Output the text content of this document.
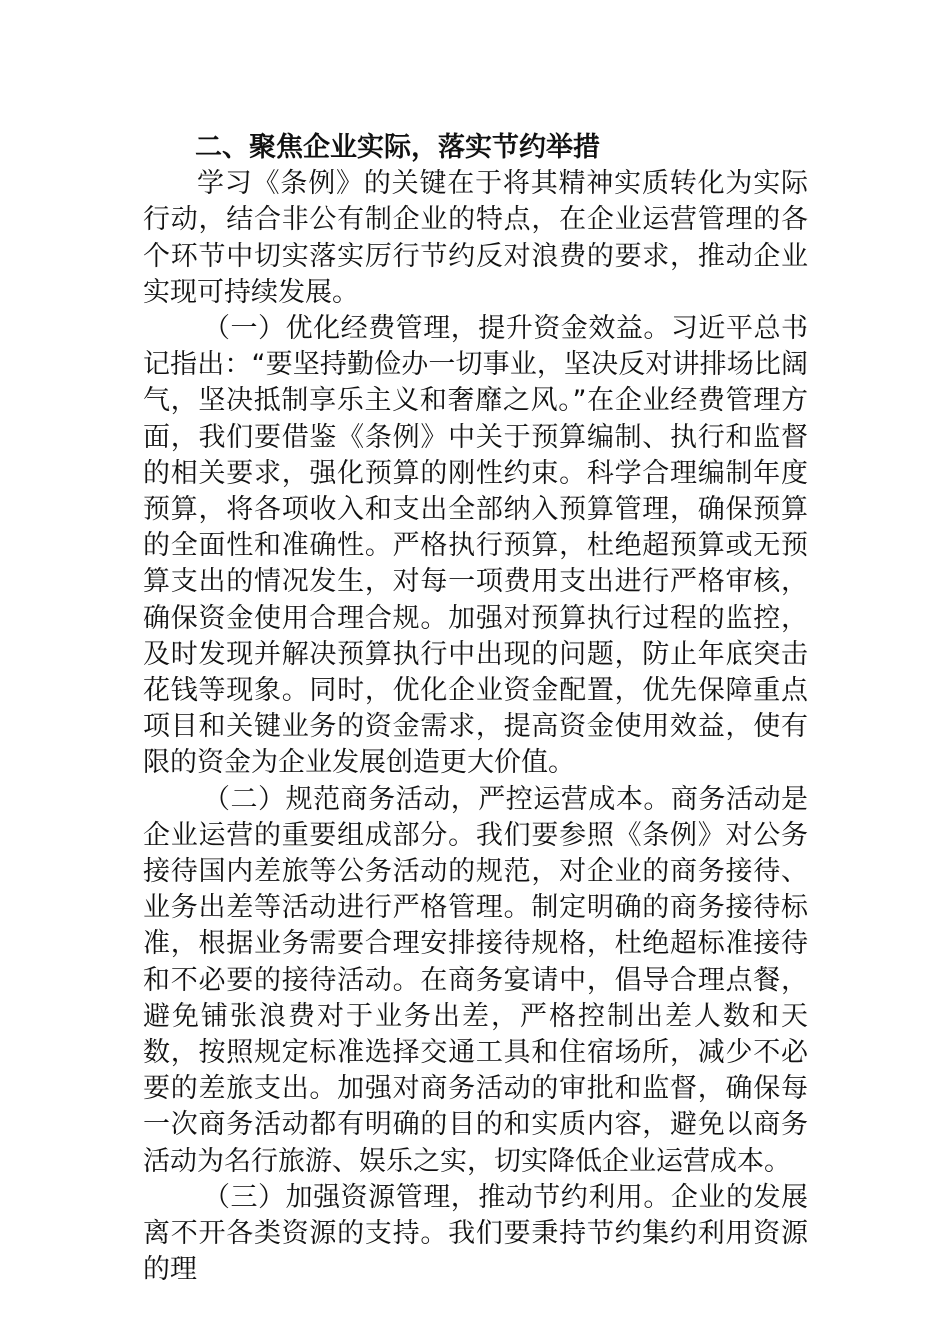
二、聚焦企业实际，落实节约举措

学习《条例》的关键在于将其精神实质转化为实际行动，结合非公有制企业的特点，在企业运营管理的各个环节中切实落实厉行节约反对浪费的要求，推动企业实现可持续发展。

（一）优化经费管理，提升资金效益。习近平总书记指出：“要坚持勤俭办一切事业，坚决反对讲排场比阔气，坚决抵制享乐主义和奢靡之风。”在企业经费管理方面，我们要借鉴《条例》中关于预算编制、执行和监督的相关要求，强化预算的刚性约束。科学合理编制年度预算，将各项收入和支出全部纳入预算管理，确保预算的全面性和准确性。严格执行预算，杜绝超预算或无预算支出的情况发生，对每一项费用支出进行严格审核，确保资金使用合理合规。加强对预算执行过程的监控，及时发现并解决预算执行中出现的问题，防止年底突击花钱等现象。同时，优化企业资金配置，优先保障重点项目和关键业务的资金需求，提高资金使用效益，使有限的资金为企业发展创造更大价值。

（二）规范商务活动，严控运营成本。商务活动是企业运营的重要组成部分。我们要参照《条例》对公务接待国内差旅等公务活动的规范，对企业的商务接待、业务出差等活动进行严格管理。制定明确的商务接待标准，根据业务需要合理安排接待规格，杜绝超标准接待和不必要的接待活动。在商务宴请中，倡导合理点餐，避免铺张浪费对于业务出差，严格控制出差人数和天数，按照规定标准选择交通工具和住宿场所，减少不必要的差旅支出。加强对商务活动的审批和监督，确保每一次商务活动都有明确的目的和实质内容，避免以商务活动为名行旅游、娱乐之实，切实降低企业运营成本。

（三）加强资源管理，推动节约利用。企业的发展离不开各类资源的支持。我们要秉持节约集约利用资源的理
